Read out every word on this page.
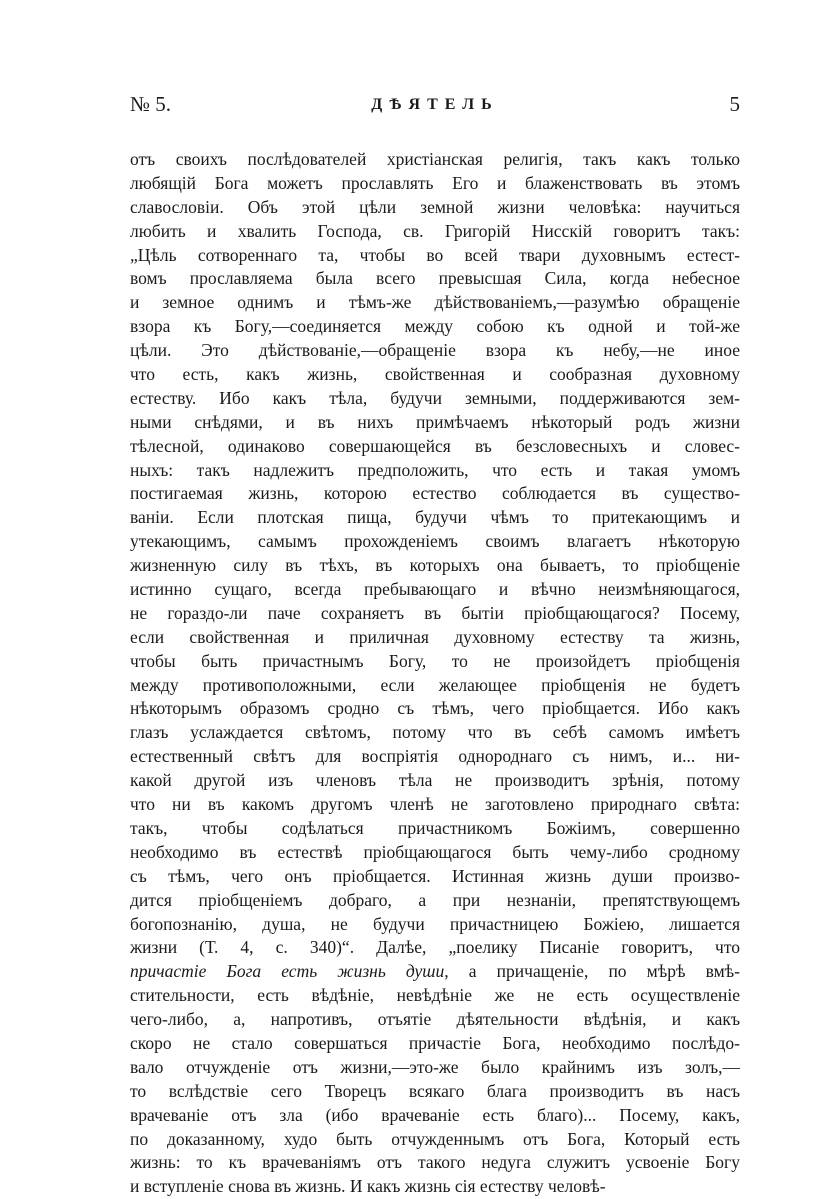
№ 5.	ДѢЯТЕЛЬ	5
отъ своихъ послѣдователей христіанская религія, такъ какъ только
любящій Бога можетъ прославлять Его и блаженствовать въ этомъ
славословіи. Объ этой цѣли земной жизни человѣка: научиться
любить и хвалить Господа, св. Григорій Нисскій говоритъ такъ:
„Цѣль сотвореннаго та, чтобы во всей твари духовнымъ естест-
вомъ прославляема была всего превысшая Сила, когда небесное
и земное однимъ и тѣмъ-же дѣйствованіемъ,—разумѣю обращеніе
взора къ Богу,—соединяется между собою къ одной и той-же
цѣли. Это дѣйствованіе,—обращеніе взора къ небу,—не иное
что есть, какъ жизнь, свойственная и сообразная духовному
естеству. Ибо какъ тѣла, будучи земными, поддерживаются зем-
ными снѣдями, и въ нихъ примѣчаемъ нѣкоторый родъ жизни
тѣлесной, одинаково совершающейся въ безсловесныхъ и словес-
ныхъ: такъ надлежитъ предположить, что есть и такая умомъ
постигаемая жизнь, которою естество соблюдается въ существо-
ваніи. Если плотская пища, будучи чѣмъ то притекающимъ и
утекающимъ, самымъ прохожденіемъ своимъ влагаетъ нѣкоторую
жизненную силу въ тѣхъ, въ которыхъ она бываетъ, то пріобщеніе
истинно сущаго, всегда пребывающаго и вѣчно неизмѣняющагося,
не гораздо-ли паче сохраняетъ въ бытіи пріобщающагося? Посему,
если свойственная и приличная духовному естеству та жизнь,
чтобы быть причастнымъ Богу, то не произойдетъ пріобщенія
между противоположными, если желающее пріобщенія не будетъ
нѣкоторымъ образомъ сродно съ тѣмъ, чего пріобщается. Ибо какъ
глазъ услаждается свѣтомъ, потому что въ себѣ самомъ имѣетъ
естественный свѣтъ для воспріятія однороднаго съ нимъ, и... ни-
какой другой изъ членовъ тѣла не производитъ зрѣнія, потому
что ни въ какомъ другомъ членѣ не заготовлено природнаго свѣта:
такъ, чтобы содѣлаться причастникомъ Божіимъ, совершенно
необходимо въ естествѣ пріобщающагося быть чему-либо сродному
съ тѣмъ, чего онъ пріобщается. Истинная жизнь души произво-
дится пріобщеніемъ добраго, а при незнаніи, препятствующемъ
богопознанію, душа, не будучи причастницею Божіею, лишается
жизни (Т. 4, с. 340)“. Далѣе, „поелику Писаніе говоритъ, что
причастіе Бога есть жизнь души, а причащеніе, по мѣрѣ вмѣ-
стительности, есть вѣдѣніе, невѣдѣніе же не есть осуществленіе
чего-либо, а, напротивъ, отъятіе дѣятельности вѣдѣнія, и какъ
скоро не стало совершаться причастіе Бога, необходимо послѣдо-
вало отчужденіе отъ жизни,—это-же было крайнимъ изъ золъ,—
то вслѣдствіе сего Творецъ всякаго блага производитъ въ насъ
врачеваніе отъ зла (ибо врачеваніе есть благо)... Посему, какъ,
по доказанному, худо быть отчужденнымъ отъ Бога, Который есть
жизнь: то къ врачеваніямъ отъ такого недуга служитъ усвоеніе Богу
и вступленіе снова въ жизнь. И какъ жизнь сія естеству человѣ-
